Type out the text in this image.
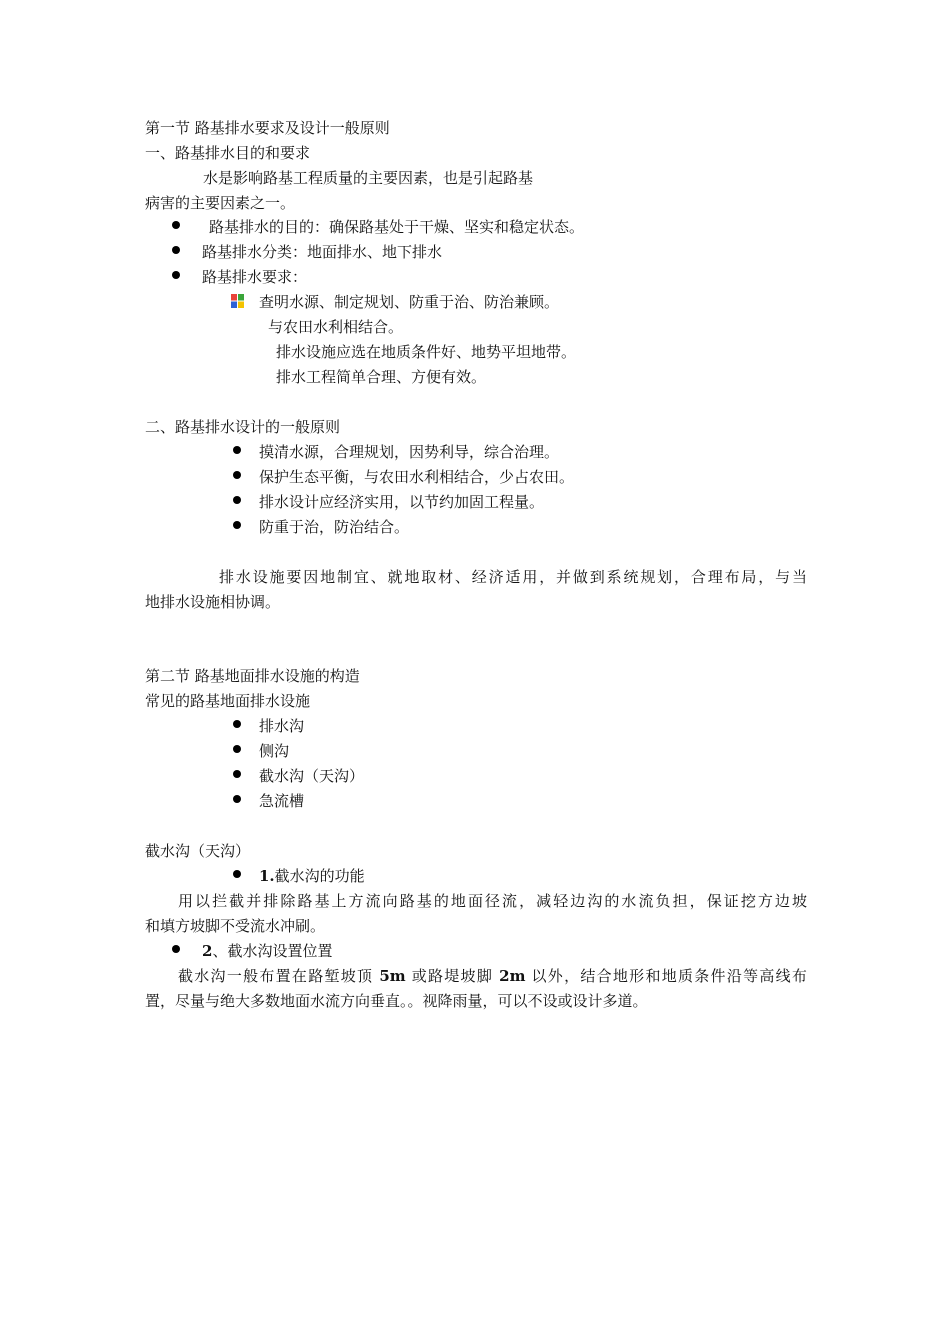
第一节 路基排水要求及设计一般原则
一、路基排水目的和要求
水是影响路基工程质量的主要因素，也是引起路基
病害的主要因素之一。
路基排水的目的：确保路基处于干燥、坚实和稳定状态。
路基排水分类：地面排水、地下排水
路基排水要求：
查明水源、制定规划、防重于治、防治兼顾。
与农田水利相结合。
排水设施应选在地质条件好、地势平坦地带。
排水工程简单合理、方便有效。
二、路基排水设计的一般原则
摸清水源，合理规划，因势利导，综合治理。
保护生态平衡，与农田水利相结合，少占农田。
排水设计应经济实用，以节约加固工程量。
防重于治，防治结合。
排水设施要因地制宜、就地取材、经济适用，并做到系统规划，合理布局，与当
地排水设施相协调。
第二节 路基地面排水设施的构造
常见的路基地面排水设施
排水沟
侧沟
截水沟（天沟）
急流槽
截水沟（天沟）
1.截水沟的功能
用以拦截并排除路基上方流向路基的地面径流，减轻边沟的水流负担，保证挖方边坡
和填方坡脚不受流水冲刷。
2、截水沟设置位置
截水沟一般布置在路堑坡顶 5m 或路堤坡脚 2m 以外，结合地形和地质条件沿等高线布
置，尽量与绝大多数地面水流方向垂直。。视降雨量，可以不设或设计多道。
